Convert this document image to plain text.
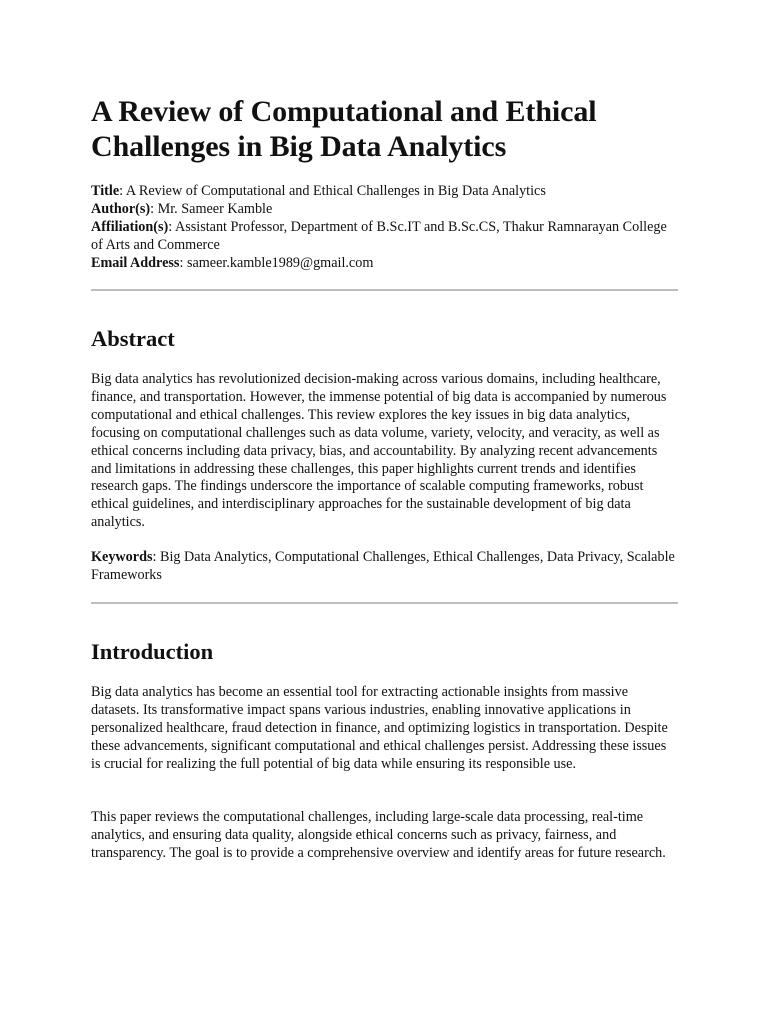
A Review of Computational and Ethical Challenges in Big Data Analytics
Title: A Review of Computational and Ethical Challenges in Big Data Analytics
Author(s): Mr. Sameer Kamble
Affiliation(s): Assistant Professor, Department of B.Sc.IT and B.Sc.CS, Thakur Ramnarayan College of Arts and Commerce
Email Address: sameer.kamble1989@gmail.com
Abstract

Big data analytics has revolutionized decision-making across various domains, including healthcare, finance, and transportation. However, the immense potential of big data is accompanied by numerous computational and ethical challenges. This review explores the key issues in big data analytics, focusing on computational challenges such as data volume, variety, velocity, and veracity, as well as ethical concerns including data privacy, bias, and accountability. By analyzing recent advancements and limitations in addressing these challenges, this paper highlights current trends and identifies research gaps. The findings underscore the importance of scalable computing frameworks, robust ethical guidelines, and interdisciplinary approaches for the sustainable development of big data analytics.

Keywords: Big Data Analytics, Computational Challenges, Ethical Challenges, Data Privacy, Scalable Frameworks

Introduction

Big data analytics has become an essential tool for extracting actionable insights from massive datasets. Its transformative impact spans various industries, enabling innovative applications in personalized healthcare, fraud detection in finance, and optimizing logistics in transportation. Despite these advancements, significant computational and ethical challenges persist. Addressing these issues is crucial for realizing the full potential of big data while ensuring its responsible use.

This paper reviews the computational challenges, including large-scale data processing, real-time analytics, and ensuring data quality, alongside ethical concerns such as privacy, fairness, and transparency. The goal is to provide a comprehensive overview and identify areas for future research.
